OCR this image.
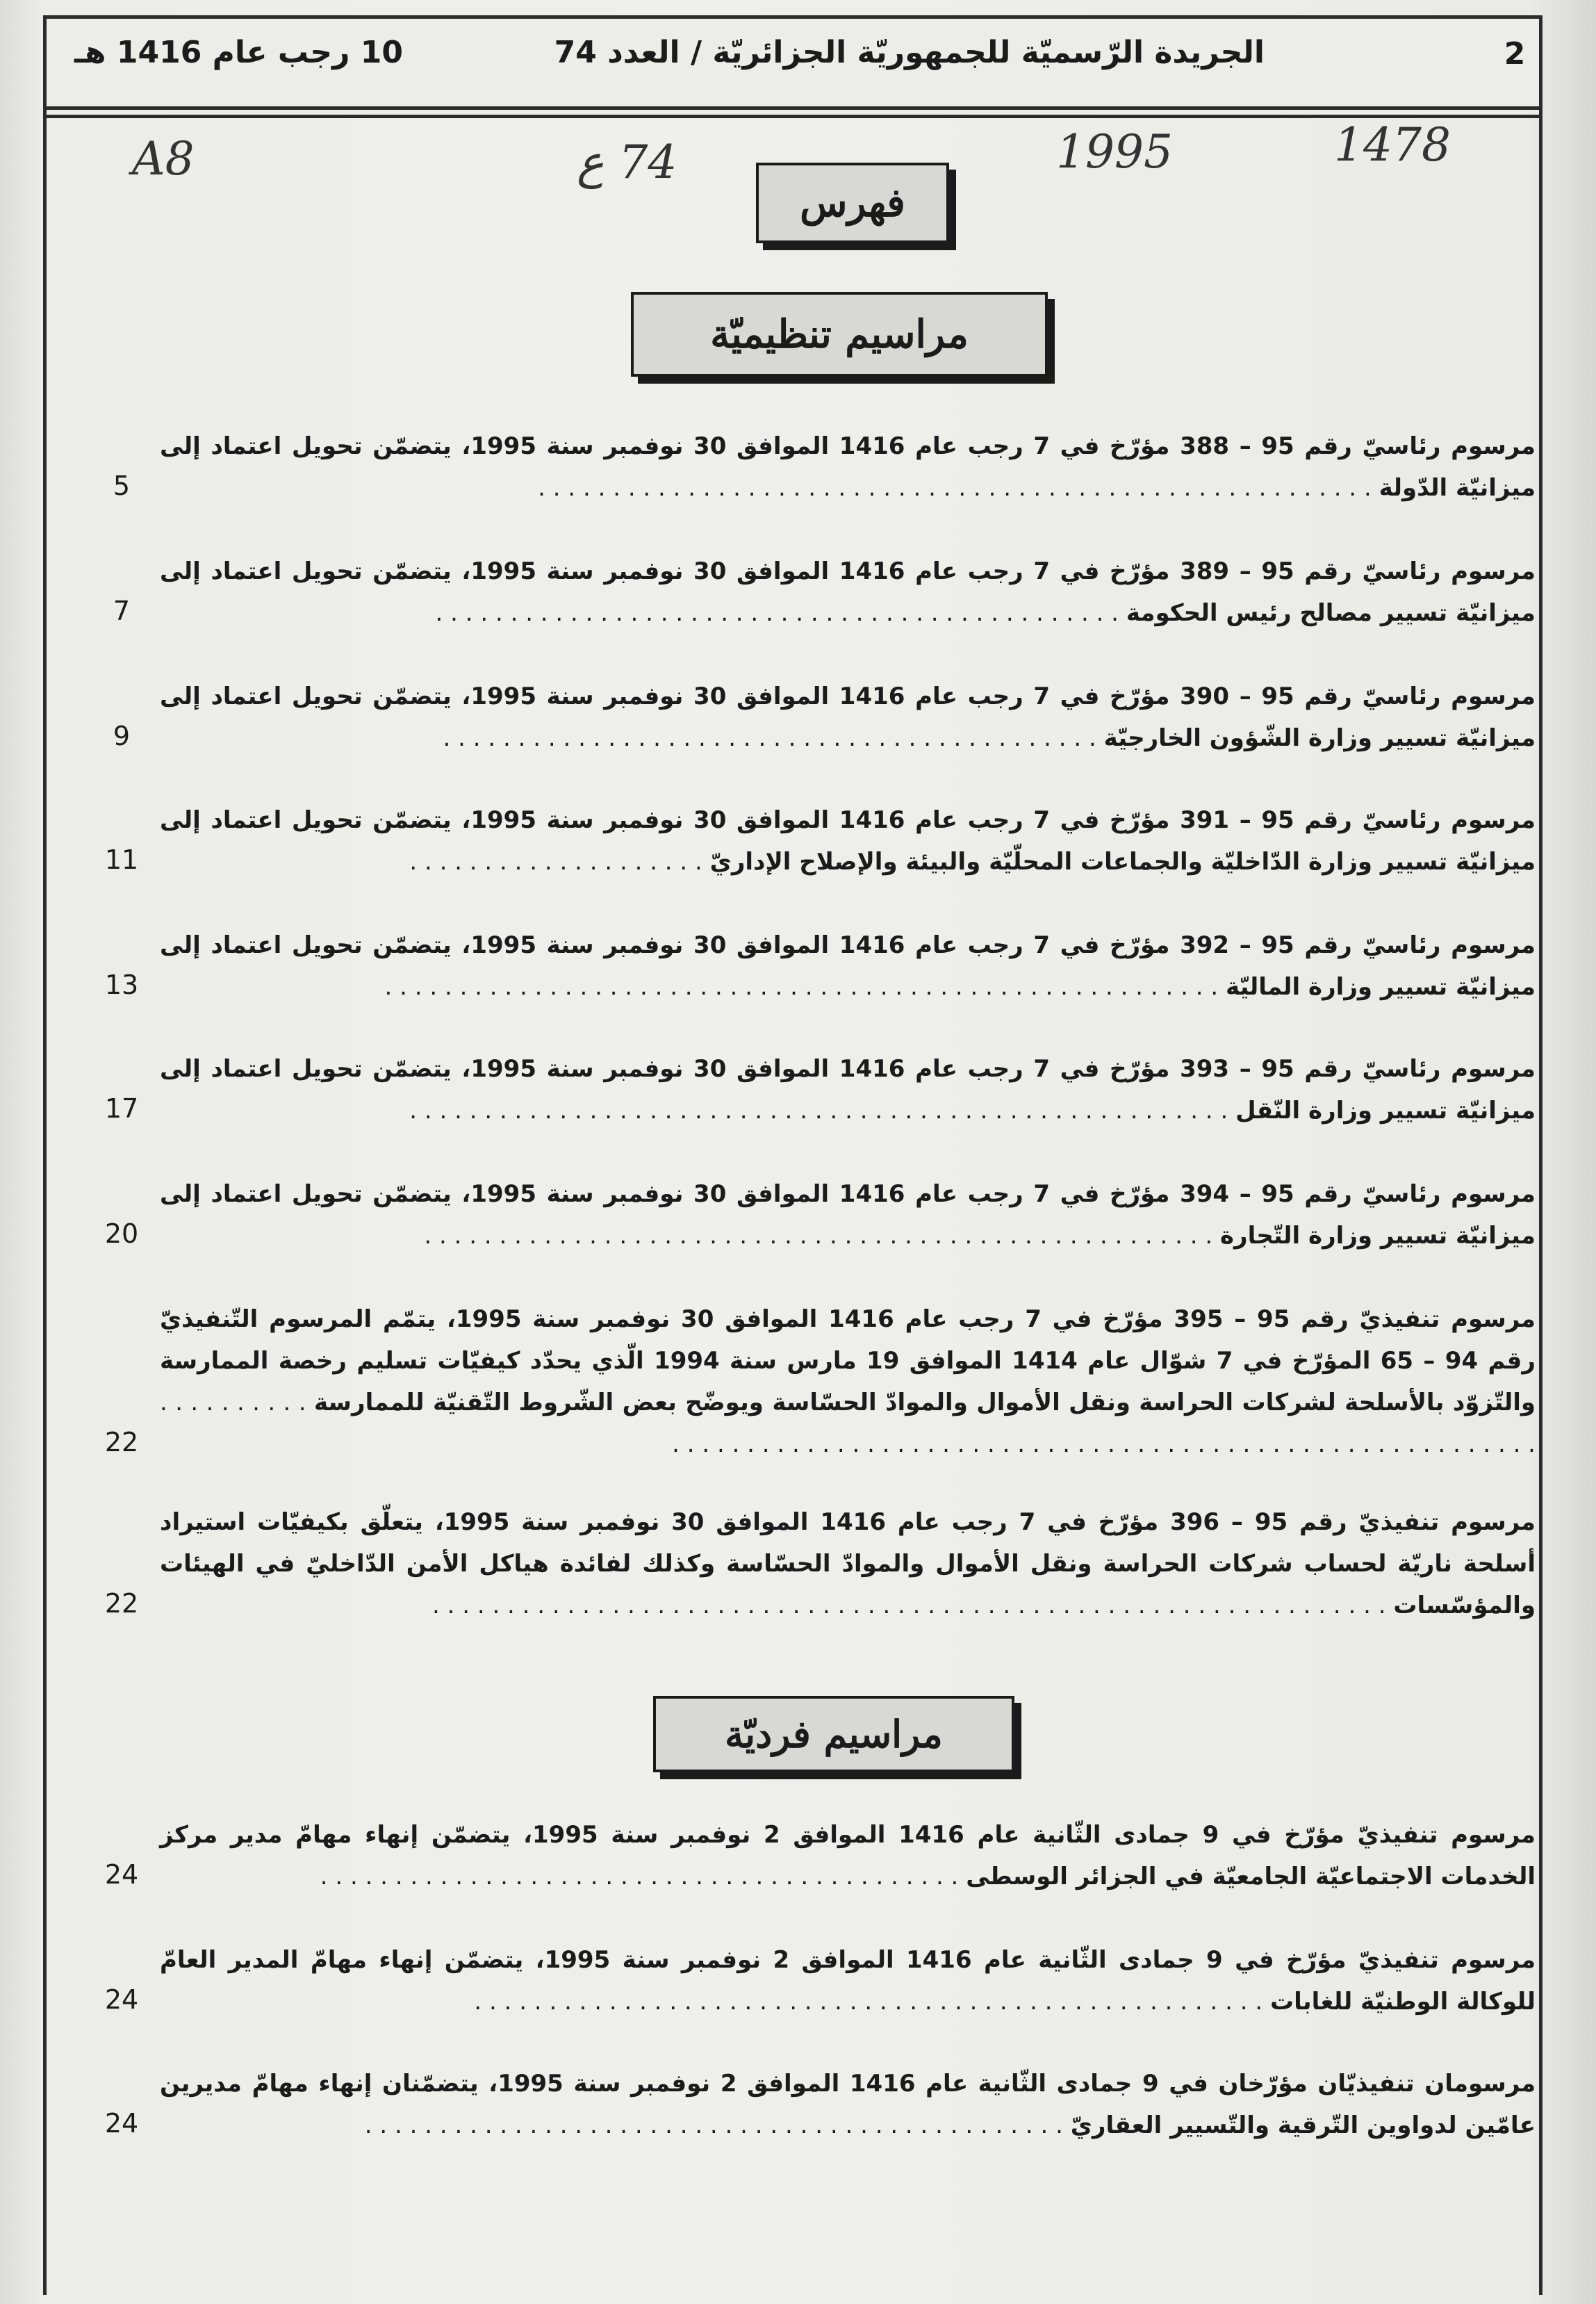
2
الجريدة الرّسميّة للجمهوريّة الجزائريّة / العدد 74
10 رجب عام 1416 هـ
A8	74 ع	1995	1478
فهرس
مراسيم تنظيميّة
مراسيم فرديّة
مرسوم رئاسيّ رقم 95 – 388 مؤرّخ في 7 رجب عام 1416 الموافق 30 نوفمبر سنة 1995، يتضمّن تحويل اعتماد إلى ميزانيّة الدّولة . . . . . . . . . . . . . . . . . . . . . . . . . . . . . . . . . . . . . . . . . . . . . . . . . . . . . . . .
5
مرسوم رئاسيّ رقم 95 – 389 مؤرّخ في 7 رجب عام 1416 الموافق 30 نوفمبر سنة 1995، يتضمّن تحويل اعتماد إلى ميزانيّة تسيير مصالح رئيس الحكومة . . . . . . . . . . . . . . . . . . . . . . . . . . . . . . . . . . . . . . . . . . . . . .
7
مرسوم رئاسيّ رقم 95 – 390 مؤرّخ في 7 رجب عام 1416 الموافق 30 نوفمبر سنة 1995، يتضمّن تحويل اعتماد إلى ميزانيّة تسيير وزارة الشّؤون الخارجيّة . . . . . . . . . . . . . . . . . . . . . . . . . . . . . . . . . . . . . . . . . . . .
9
مرسوم رئاسيّ رقم 95 – 391 مؤرّخ في 7 رجب عام 1416 الموافق 30 نوفمبر سنة 1995، يتضمّن تحويل اعتماد إلى ميزانيّة تسيير وزارة الدّاخليّة والجماعات المحلّيّة والبيئة والإصلاح الإداريّ . . . . . . . . . . . . . . . . . . . .
11
مرسوم رئاسيّ رقم 95 – 392 مؤرّخ في 7 رجب عام 1416 الموافق 30 نوفمبر سنة 1995، يتضمّن تحويل اعتماد إلى ميزانيّة تسيير وزارة الماليّة . . . . . . . . . . . . . . . . . . . . . . . . . . . . . . . . . . . . . . . . . . . . . . . . . . . . . . . .
13
مرسوم رئاسيّ رقم 95 – 393 مؤرّخ في 7 رجب عام 1416 الموافق 30 نوفمبر سنة 1995، يتضمّن تحويل اعتماد إلى ميزانيّة تسيير وزارة النّقل . . . . . . . . . . . . . . . . . . . . . . . . . . . . . . . . . . . . . . . . . . . . . . . . . . . . . . .
17
مرسوم رئاسيّ رقم 95 – 394 مؤرّخ في 7 رجب عام 1416 الموافق 30 نوفمبر سنة 1995، يتضمّن تحويل اعتماد إلى ميزانيّة تسيير وزارة التّجارة . . . . . . . . . . . . . . . . . . . . . . . . . . . . . . . . . . . . . . . . . . . . . . . . . . . . .
20
مرسوم تنفيذيّ رقم 95 – 395 مؤرّخ في 7 رجب عام 1416 الموافق 30 نوفمبر سنة 1995، يتمّم المرسوم التّنفيذيّ رقم 94 – 65 المؤرّخ في 7 شوّال عام 1414 الموافق 19 مارس سنة 1994 الّذي يحدّد كيفيّات تسليم رخصة الممارسة والتّزوّد بالأسلحة لشركات الحراسة ونقل الأموال والموادّ الحسّاسة ويوضّح بعض الشّروط التّقنيّة للممارسة . . . . . . . . . . . . . . . . . . . . . . . . . . . . . . . . . . . . . . . . . . . . . . . . . . . . . . . . . . . . . . . . . . . .
22
مرسوم تنفيذيّ رقم 95 – 396 مؤرّخ في 7 رجب عام 1416 الموافق 30 نوفمبر سنة 1995، يتعلّق بكيفيّات استيراد أسلحة ناريّة لحساب شركات الحراسة ونقل الأموال والموادّ الحسّاسة وكذلك لفائدة هياكل الأمن الدّاخليّ في الهيئات والمؤسّسات . . . . . . . . . . . . . . . . . . . . . . . . . . . . . . . . . . . . . . . . . . . . . . . . . . . . . . . . . . . . . . . .
22
مرسوم تنفيذيّ مؤرّخ في 9 جمادى الثّانية عام 1416 الموافق 2 نوفمبر سنة 1995، يتضمّن إنهاء مهامّ مدير مركز الخدمات الاجتماعيّة الجامعيّة في الجزائر الوسطى . . . . . . . . . . . . . . . . . . . . . . . . . . . . . . . . . . . . . . . . . . .
24
مرسوم تنفيذيّ مؤرّخ في 9 جمادى الثّانية عام 1416 الموافق 2 نوفمبر سنة 1995، يتضمّن إنهاء مهامّ المدير العامّ للوكالة الوطنيّة للغابات . . . . . . . . . . . . . . . . . . . . . . . . . . . . . . . . . . . . . . . . . . . . . . . . . . . . .
24
مرسومان تنفيذيّان مؤرّخان في 9 جمادى الثّانية عام 1416 الموافق 2 نوفمبر سنة 1995، يتضمّنان إنهاء مهامّ مديرين عامّين لدواوين التّرقية والتّسيير العقاريّ . . . . . . . . . . . . . . . . . . . . . . . . . . . . . . . . . . . . . . . . . . . . . . .
24
